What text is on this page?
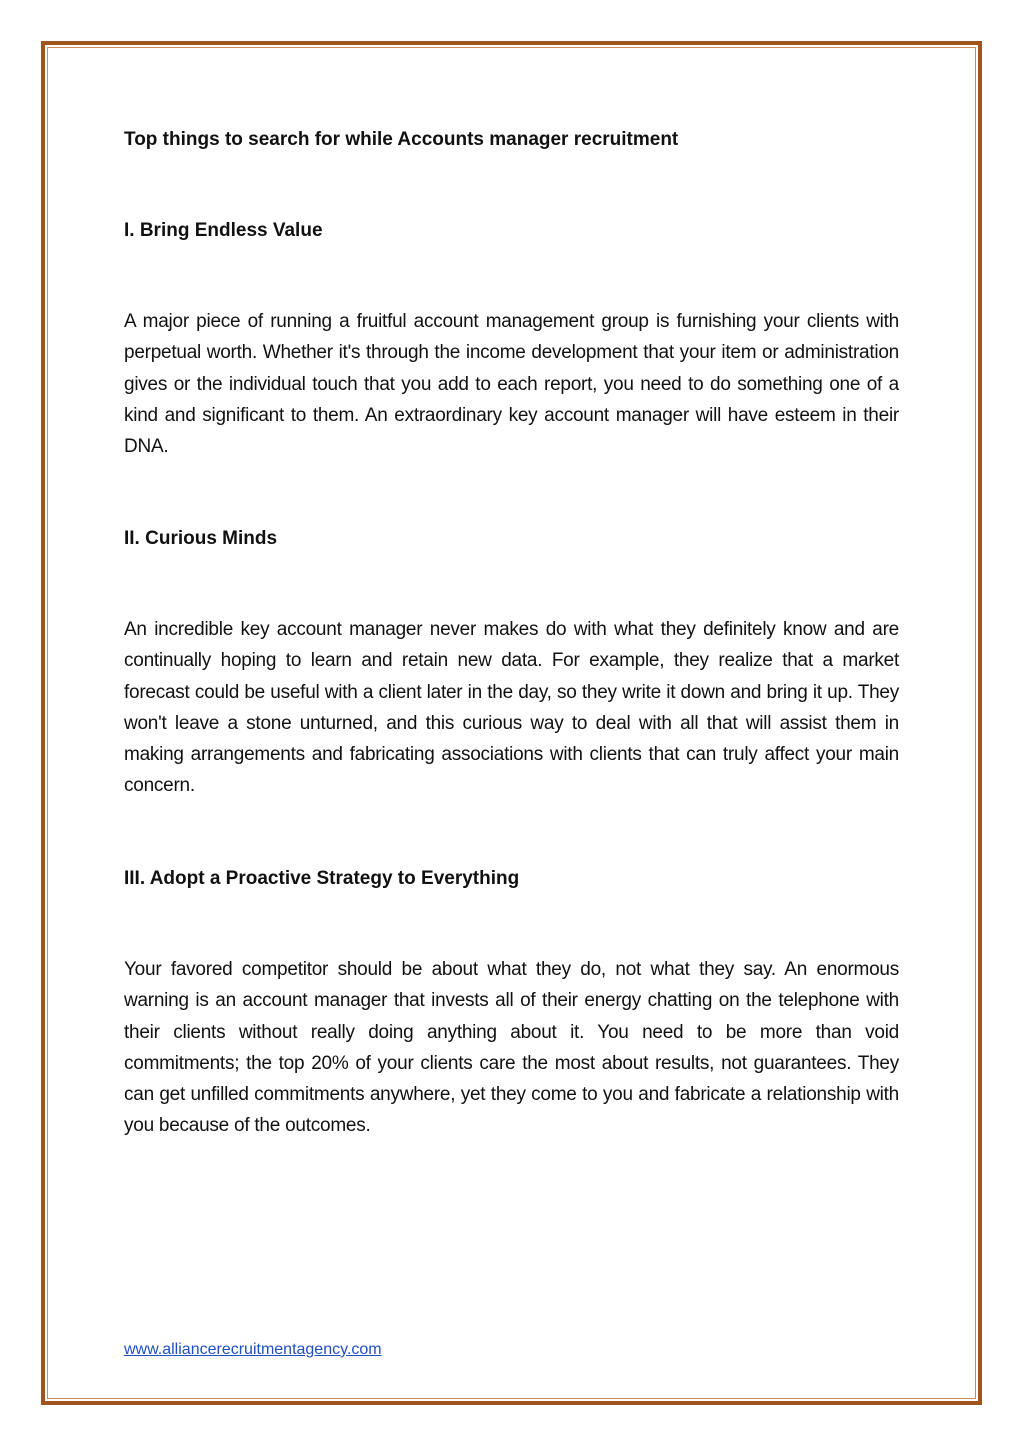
Top things to search for while Accounts manager recruitment
I. Bring Endless Value

A major piece of running a fruitful account management group is furnishing your clients with perpetual worth. Whether it's through the income development that your item or administration gives or the individual touch that you add to each report, you need to do something one of a kind and significant to them. An extraordinary key account manager will have esteem in their DNA.

II. Curious Minds

An incredible key account manager never makes do with what they definitely know and are continually hoping to learn and retain new data. For example, they realize that a market forecast could be useful with a client later in the day, so they write it down and bring it up. They won't leave a stone unturned, and this curious way to deal with all that will assist them in making arrangements and fabricating associations with clients that can truly affect your main concern.

III. Adopt a Proactive Strategy to Everything

Your favored competitor should be about what they do, not what they say. An enormous warning is an account manager that invests all of their energy chatting on the telephone with their clients without really doing anything about it. You need to be more than void commitments; the top 20% of your clients care the most about results, not guarantees. They can get unfilled commitments anywhere, yet they come to you and fabricate a relationship with you because of the outcomes.

www.alliancerecruitmentagency.com
